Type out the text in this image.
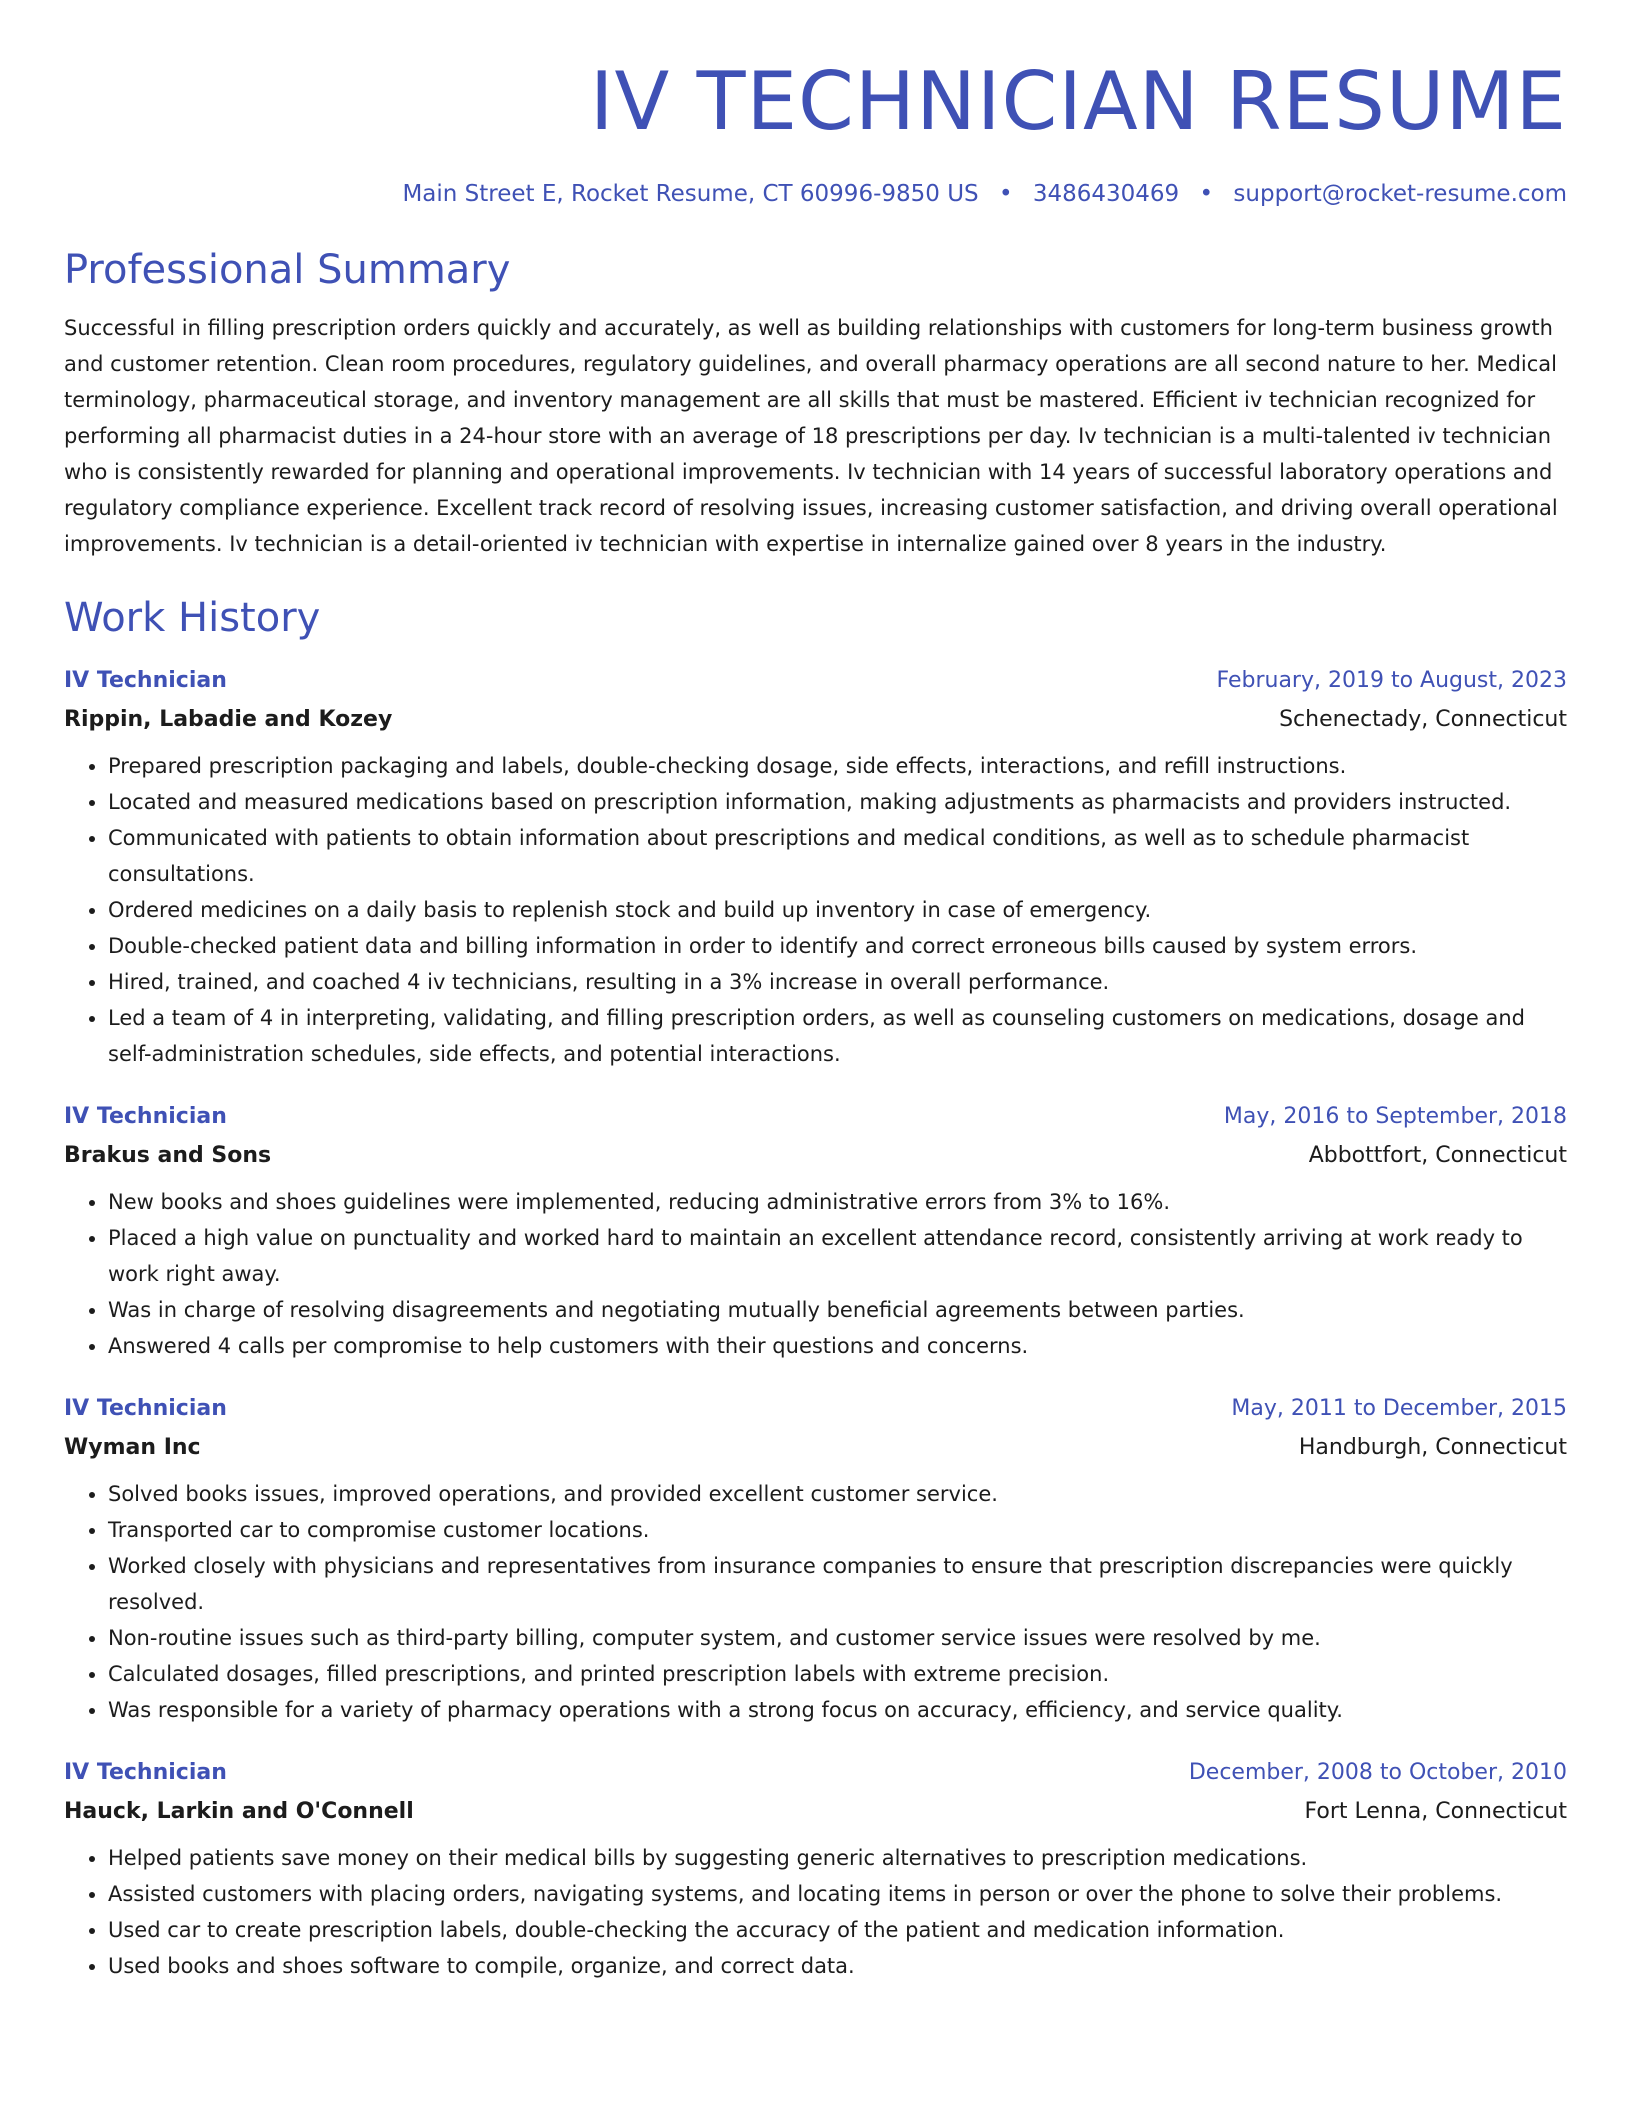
IV TECHNICIAN RESUME
Main Street E, Rocket Resume, CT 60996-9850 US • 3486430469 • support@rocket-resume.com
Professional Summary
Successful in filling prescription orders quickly and accurately, as well as building relationships with customers for long-term business growth and customer retention. Clean room procedures, regulatory guidelines, and overall pharmacy operations are all second nature to her. Medical terminology, pharmaceutical storage, and inventory management are all skills that must be mastered. Efficient iv technician recognized for performing all pharmacist duties in a 24-hour store with an average of 18 prescriptions per day. Iv technician is a multi-talented iv technician who is consistently rewarded for planning and operational improvements. Iv technician with 14 years of successful laboratory operations and regulatory compliance experience. Excellent track record of resolving issues, increasing customer satisfaction, and driving overall operational improvements. Iv technician is a detail-oriented iv technician with expertise in internalize gained over 8 years in the industry.
Work History
IV Technician	February, 2019 to August, 2023
Rippin, Labadie and Kozey	Schenectady, Connecticut
• Prepared prescription packaging and labels, double-checking dosage, side effects, interactions, and refill instructions.
• Located and measured medications based on prescription information, making adjustments as pharmacists and providers instructed.
• Communicated with patients to obtain information about prescriptions and medical conditions, as well as to schedule pharmacist consultations.
• Ordered medicines on a daily basis to replenish stock and build up inventory in case of emergency.
• Double-checked patient data and billing information in order to identify and correct erroneous bills caused by system errors.
• Hired, trained, and coached 4 iv technicians, resulting in a 3% increase in overall performance.
• Led a team of 4 in interpreting, validating, and filling prescription orders, as well as counseling customers on medications, dosage and self-administration schedules, side effects, and potential interactions.
IV Technician	May, 2016 to September, 2018
Brakus and Sons	Abbottfort, Connecticut
• New books and shoes guidelines were implemented, reducing administrative errors from 3% to 16%.
• Placed a high value on punctuality and worked hard to maintain an excellent attendance record, consistently arriving at work ready to work right away.
• Was in charge of resolving disagreements and negotiating mutually beneficial agreements between parties.
• Answered 4 calls per compromise to help customers with their questions and concerns.
IV Technician	May, 2011 to December, 2015
Wyman Inc	Handburgh, Connecticut
• Solved books issues, improved operations, and provided excellent customer service.
• Transported car to compromise customer locations.
• Worked closely with physicians and representatives from insurance companies to ensure that prescription discrepancies were quickly resolved.
• Non-routine issues such as third-party billing, computer system, and customer service issues were resolved by me.
• Calculated dosages, filled prescriptions, and printed prescription labels with extreme precision.
• Was responsible for a variety of pharmacy operations with a strong focus on accuracy, efficiency, and service quality.
IV Technician	December, 2008 to October, 2010
Hauck, Larkin and O'Connell	Fort Lenna, Connecticut
• Helped patients save money on their medical bills by suggesting generic alternatives to prescription medications.
• Assisted customers with placing orders, navigating systems, and locating items in person or over the phone to solve their problems.
• Used car to create prescription labels, double-checking the accuracy of the patient and medication information.
• Used books and shoes software to compile, organize, and correct data.
